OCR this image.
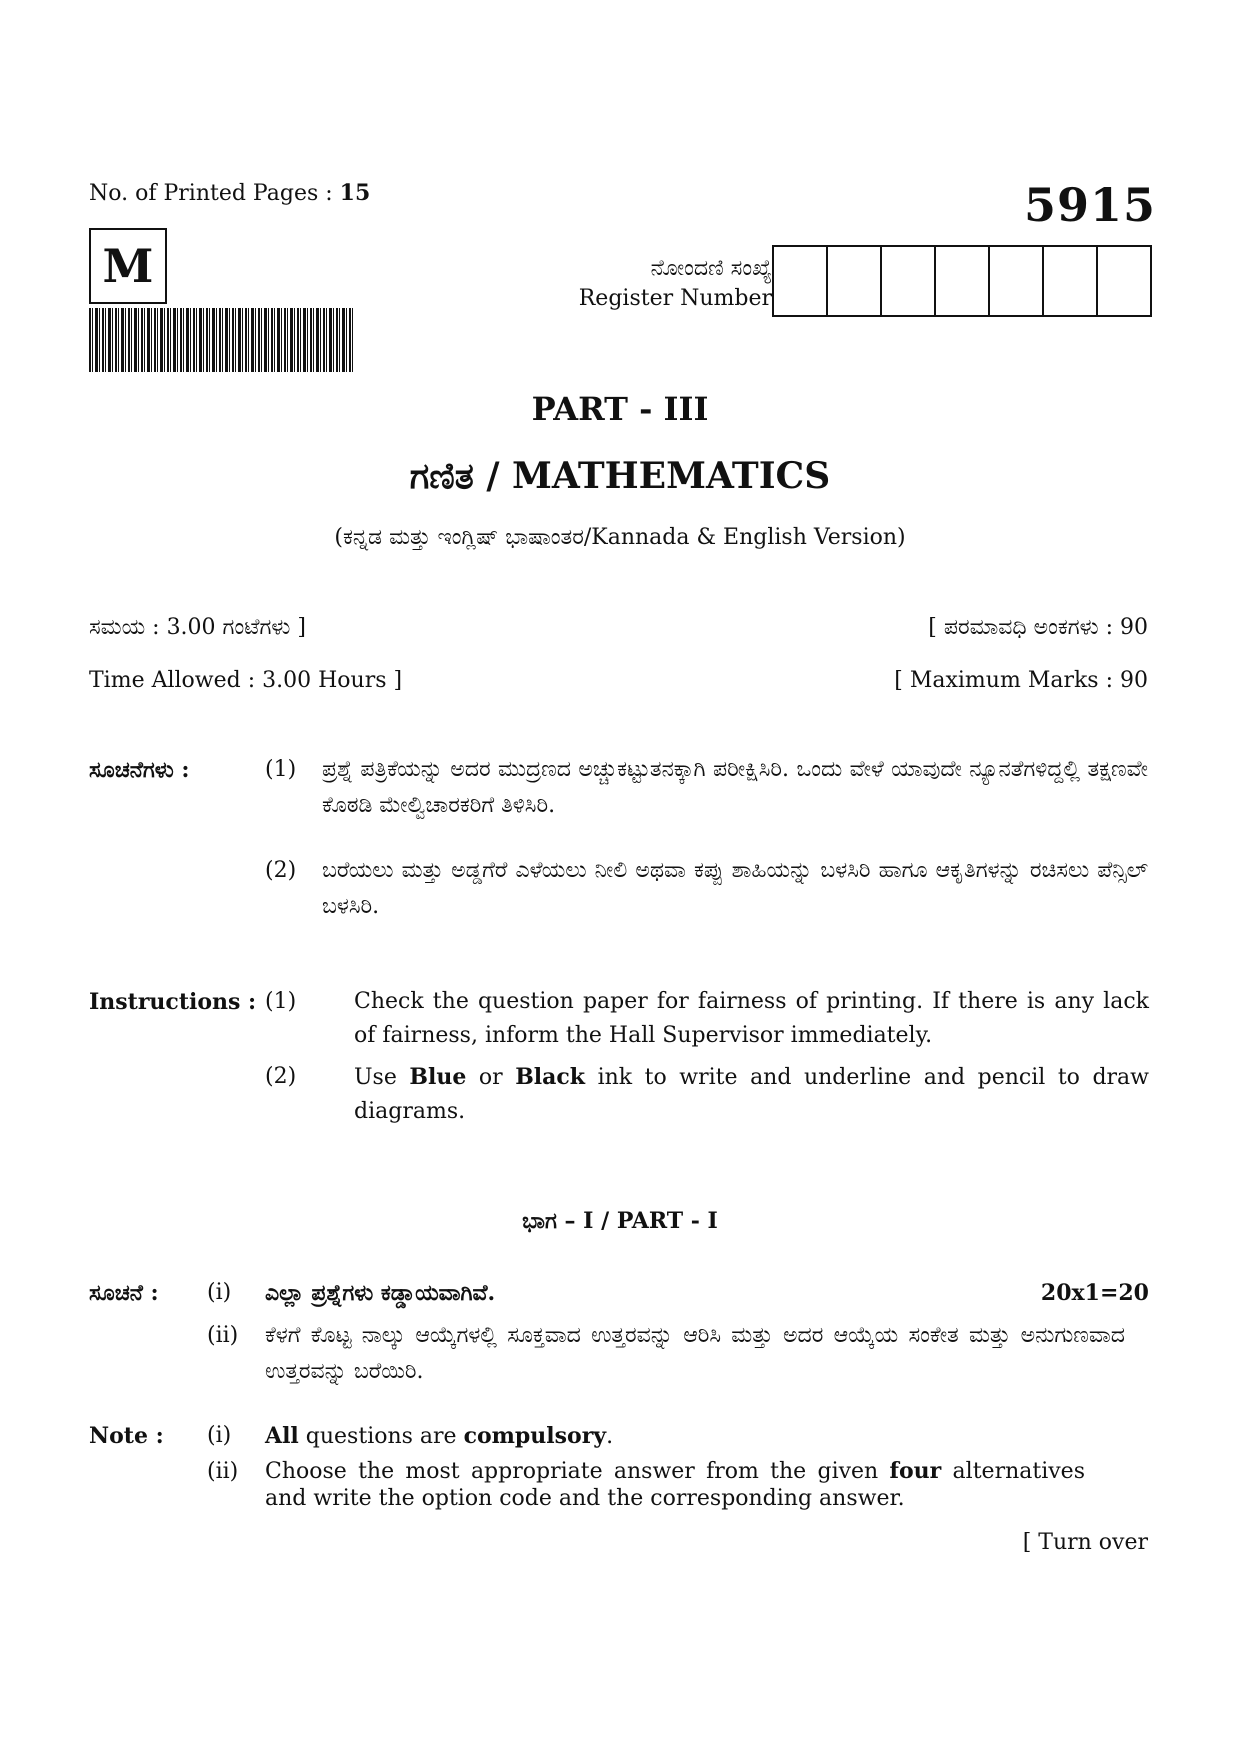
No. of Printed Pages : 15	5915
M	ನೋಂದಣಿ ಸಂಖ್ಯೆ
Register Number
PART - III
ಗಣಿತ / MATHEMATICS
(ಕನ್ನಡ ಮತ್ತು ಇಂಗ್ಲಿಷ್ ಭಾಷಾಂತರ/Kannada & English Version)
ಸಮಯ : 3.00 ಗಂಟೆಗಳು ]	[ ಪರಮಾವಧಿ ಅಂಕಗಳು : 90
Time Allowed : 3.00 Hours ]	[ Maximum Marks : 90
ಸೂಚನೆಗಳು :	(1) ಪ್ರಶ್ನೆ ಪತ್ರಿಕೆಯನ್ನು ಅದರ ಮುದ್ರಣದ ಅಚ್ಚುಕಟ್ಟುತನಕ್ಕಾಗಿ ಪರೀಕ್ಷಿಸಿರಿ. ಒಂದು ವೇಳೆ ಯಾವುದೇ ನ್ಯೂನತೆಗಳಿದ್ದಲ್ಲಿ ತಕ್ಷಣವೇ ಕೊಠಡಿ ಮೇಲ್ವಿಚಾರಕರಿಗೆ ತಿಳಿಸಿರಿ.
(2) ಬರೆಯಲು ಮತ್ತು ಅಡ್ಡಗೆರೆ ಎಳೆಯಲು ನೀಲಿ ಅಥವಾ ಕಪ್ಪು ಶಾಹಿಯನ್ನು ಬಳಸಿರಿ ಹಾಗೂ ಆಕೃತಿಗಳನ್ನು ರಚಿಸಲು ಪೆನ್ಸಿಲ್ ಬಳಸಿರಿ.
Instructions : (1)	Check the question paper for fairness of printing. If there is any lack of fairness, inform the Hall Supervisor immediately.
(2)	Use Blue or Black ink to write and underline and pencil to draw diagrams.
ಭಾಗ – I / PART - I
ಸೂಚನೆ : (i) ಎಲ್ಲಾ ಪ್ರಶ್ನೆಗಳು ಕಡ್ಡಾಯವಾಗಿವೆ.	20x1=20
(ii) ಕೆಳಗೆ ಕೊಟ್ಟ ನಾಲ್ಕು ಆಯ್ಕೆಗಳಲ್ಲಿ ಸೂಕ್ತವಾದ ಉತ್ತರವನ್ನು ಆರಿಸಿ ಮತ್ತು ಅದರ ಆಯ್ಕೆಯ ಸಂಕೇತ ಮತ್ತು ಅನುಗುಣವಾದ ಉತ್ತರವನ್ನು ಬರೆಯಿರಿ.
Note : (i) All questions are compulsory.
(ii) Choose the most appropriate answer from the given four alternatives and write the option code and the corresponding answer.
[ Turn over
